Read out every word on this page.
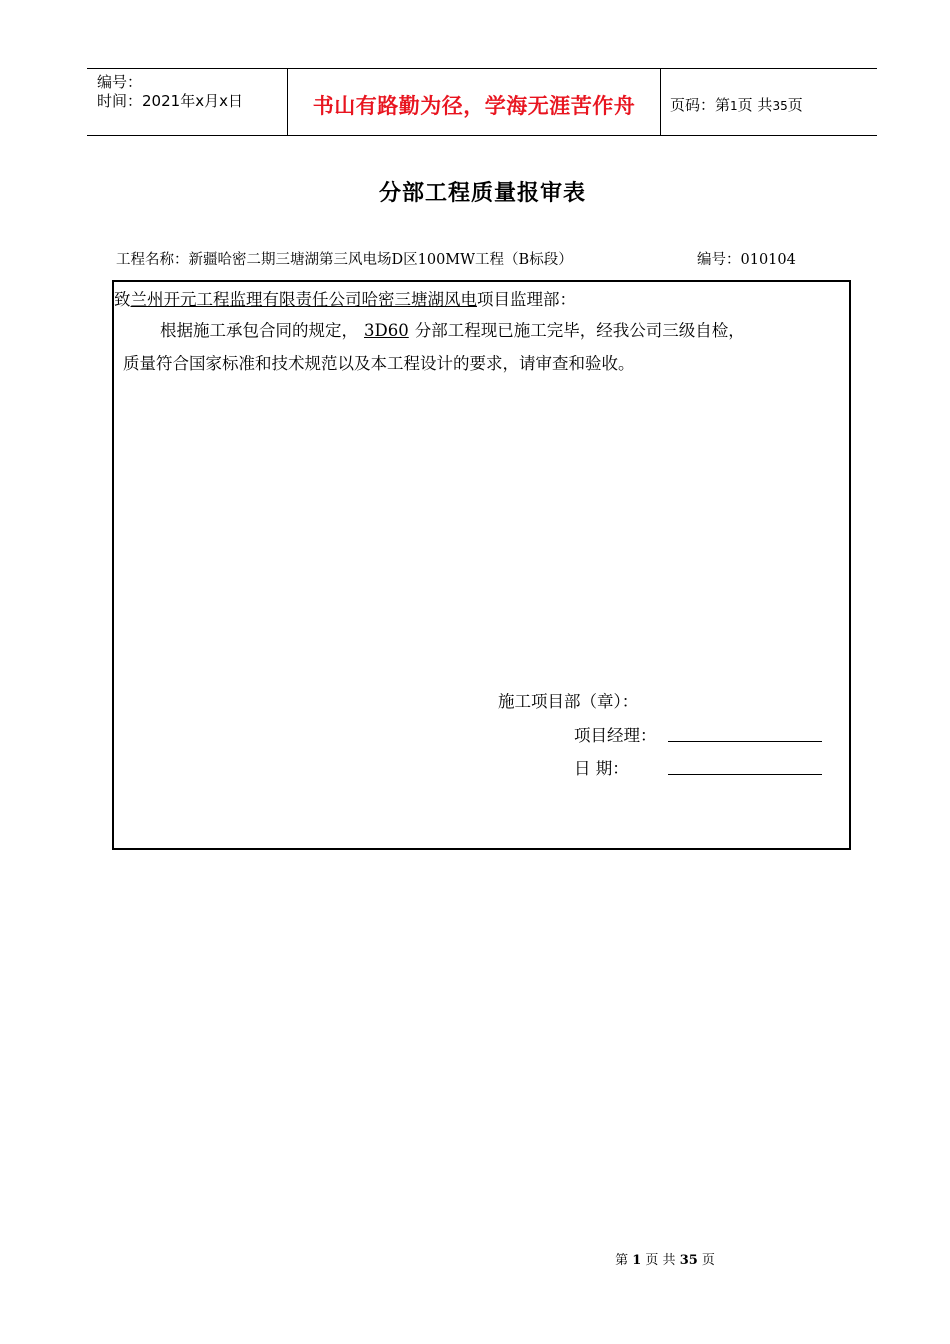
编号：
时间：2021年x月x日	书山有路勤为径，学海无涯苦作舟	页码：第1页 共35页
分部工程质量报审表
工程名称：新疆哈密二期三塘湖第三风电场D区100MW工程（B标段）	编号：010104
致兰州开元工程监理有限责任公司哈密三塘湖风电项目监理部：
根据施工承包合同的规定， 3D60 分部工程现已施工完毕，经我公司三级自检，
质量符合国家标准和技术规范以及本工程设计的要求，请审查和验收。
施工项目部（章）：
项目经理：
日 期：
第 1 页 共 35 页
